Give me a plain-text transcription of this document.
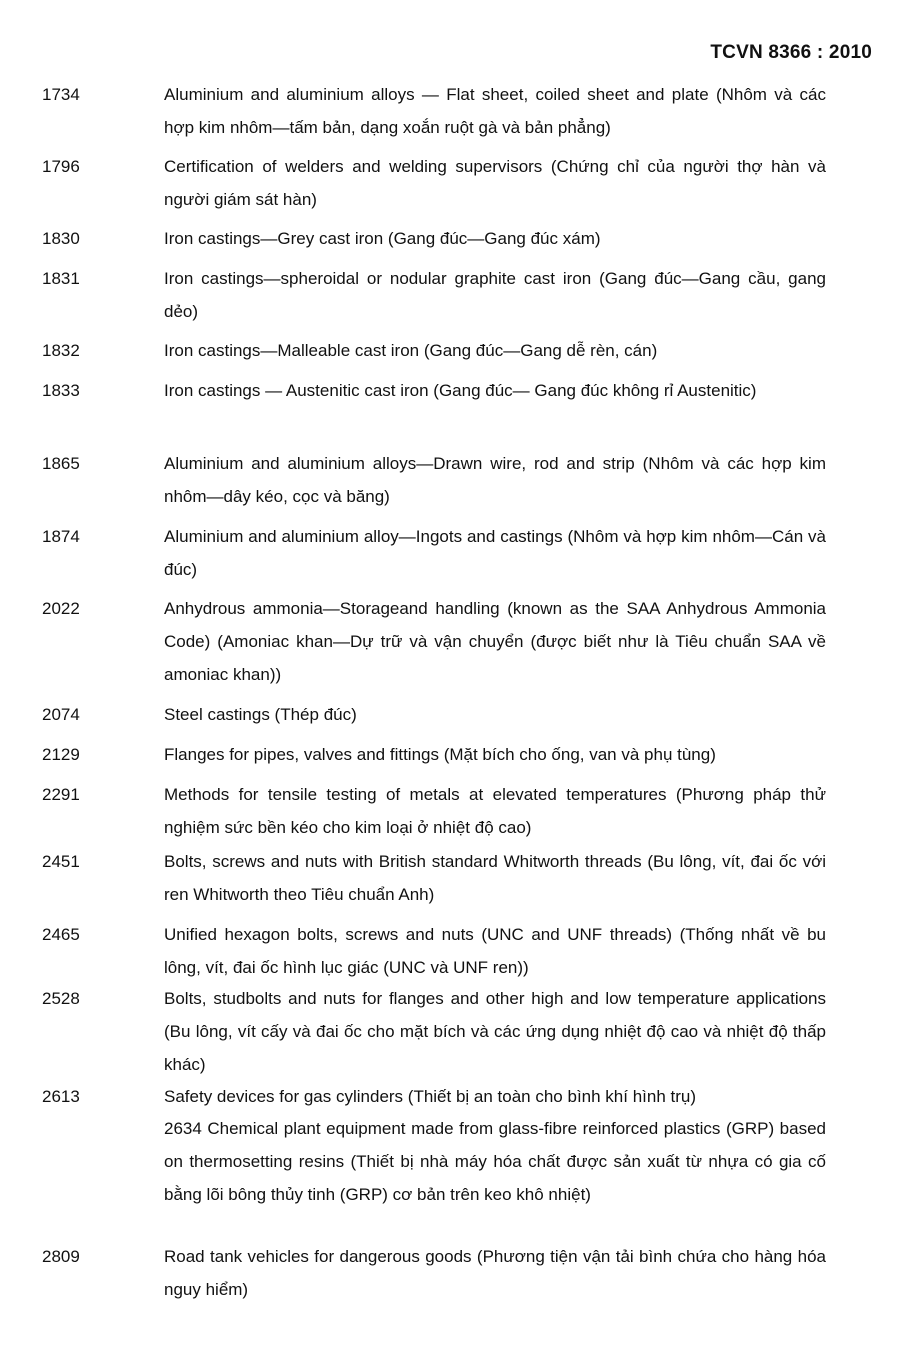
TCVN 8366 : 2010
1734	Aluminium and aluminium alloys — Flat sheet, coiled sheet and plate (Nhôm và các hợp kim nhôm—tấm bản, dạng xoắn ruột gà và bản phẳng)
1796	Certification of welders and welding supervisors (Chứng chỉ của người thợ hàn và người giám sát hàn)
1830	Iron castings—Grey cast iron (Gang đúc—Gang đúc xám)
1831	Iron castings—spheroidal or nodular graphite cast iron (Gang đúc—Gang cầu, gang dẻo)
1832	Iron castings—Malleable cast iron (Gang đúc—Gang dễ rèn, cán)
1833	Iron castings — Austenitic cast iron (Gang đúc— Gang đúc không rỉ Austenitic)
1865	Aluminium and aluminium alloys—Drawn wire, rod and strip (Nhôm và các hợp kim nhôm—dây kéo, cọc và băng)
1874	Aluminium and aluminium alloy—Ingots and castings (Nhôm và hợp kim nhôm—Cán và đúc)
2022	Anhydrous ammonia—Storageand handling (known as the SAA Anhydrous Ammonia Code) (Amoniac khan—Dự trữ và vận chuyển (được biết như là Tiêu chuẩn SAA về amoniac khan))
2074	Steel castings (Thép đúc)
2129	Flanges for pipes, valves and fittings (Mặt bích cho ống, van và phụ tùng)
2291	Methods for tensile testing of metals at elevated temperatures (Phương pháp thử nghiệm sức bền kéo cho kim loại ở nhiệt độ cao)
2451	Bolts, screws and nuts with British standard Whitworth threads (Bu lông, vít, đai ốc với ren Whitworth theo Tiêu chuẩn Anh)
2465	Unified hexagon bolts, screws and nuts (UNC and UNF threads) (Thống nhất về bu lông, vít, đai ốc hình lục giác (UNC và UNF ren))
2528	Bolts, studbolts and nuts for flanges and other high and low temperature applications (Bu lông, vít cấy và đai ốc cho mặt bích và các ứng dụng nhiệt độ cao và nhiệt độ thấp khác)
2613	Safety devices for gas cylinders (Thiết bị an toàn cho bình khí hình trụ)
2634 Chemical plant equipment made from glass-fibre reinforced plastics (GRP) based on thermosetting resins (Thiết bị nhà máy hóa chất được sản xuất từ nhựa có gia cố bằng lõi bông thủy tinh (GRP) cơ bản trên keo khô nhiệt)
2809	Road tank vehicles for dangerous goods (Phương tiện vận tải bình chứa cho hàng hóa nguy hiểm)
